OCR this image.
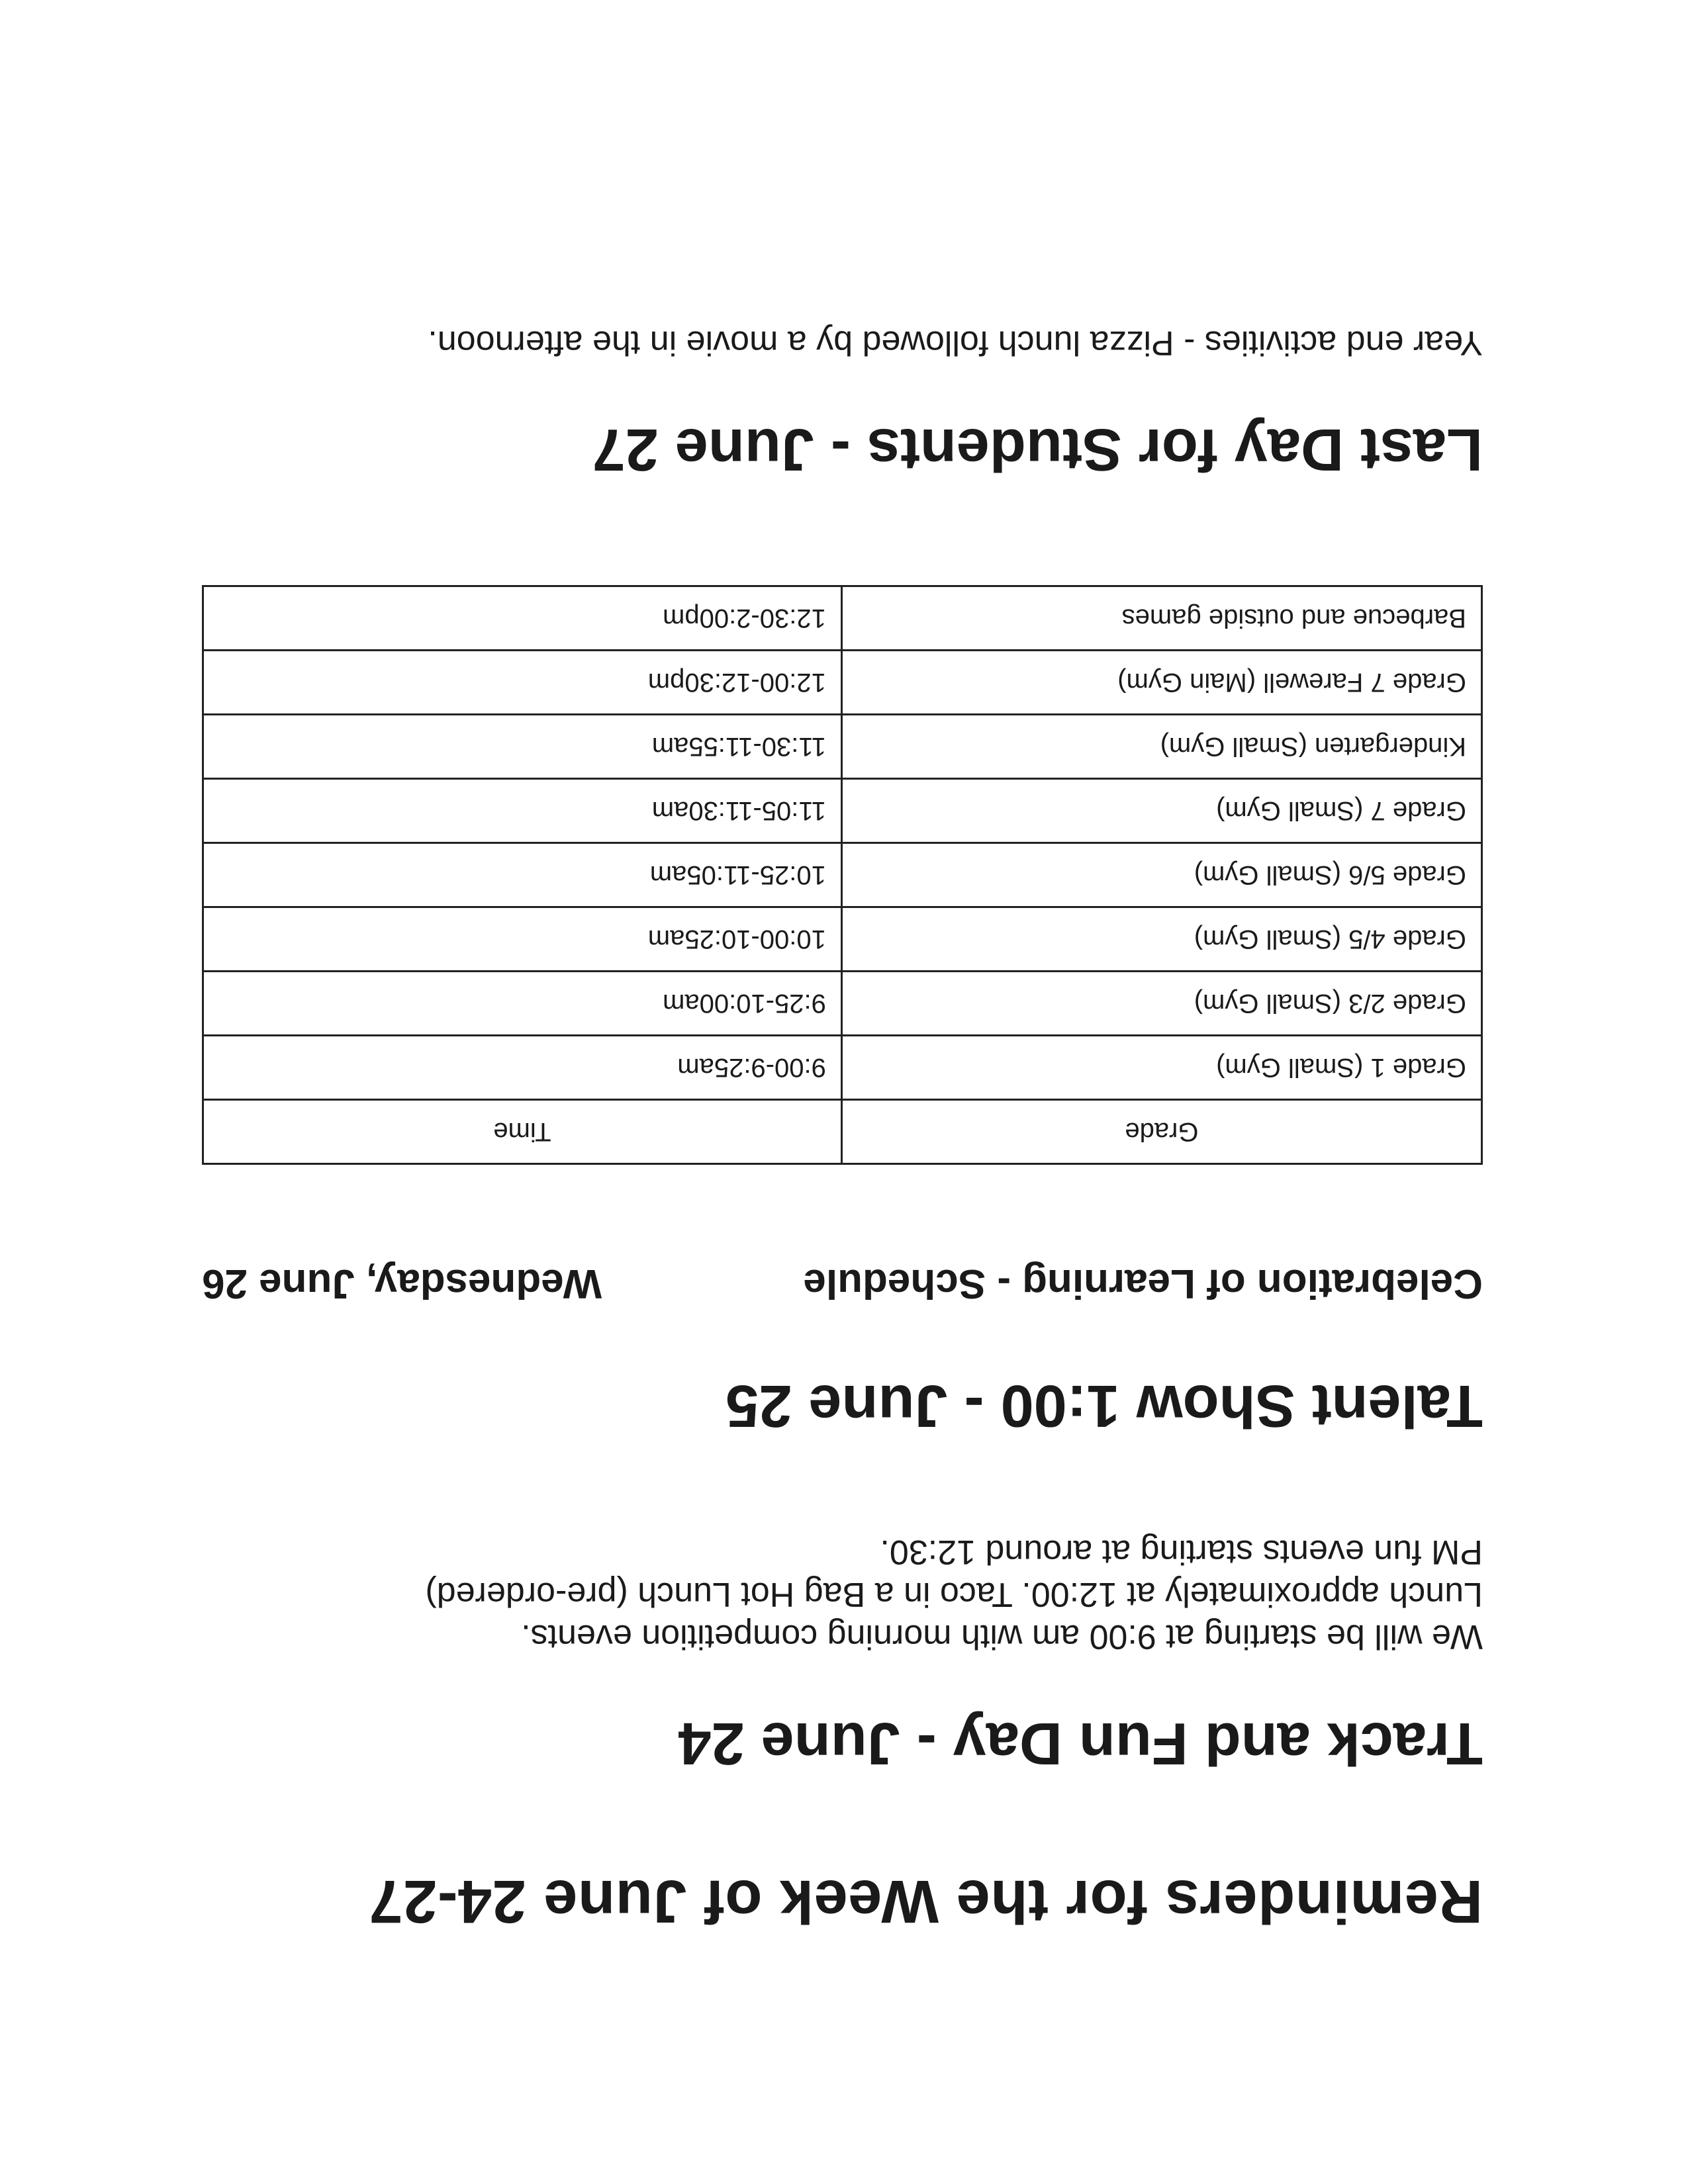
Reminders for the Week of June 24-27
Track and Fun Day - June 24

We will be starting at 9:00 am with morning competition events.
Lunch approximately at 12:00. Taco in a Bag Hot Lunch (pre-ordered)
PM fun events starting at around 12:30.

Talent Show 1:00 - June 25
Celebration of Learning - Schedule
Wednesday, June 26
Grade	Time
Grade 1 (Small Gym)	9:00-9:25am
Grade 2/3 (Small Gym)	9:25-10:00am
Grade 4/5 (Small Gym)	10:00-10:25am
Grade 5/6 (Small Gym)	10:25-11:05am
Grade 7 (Small Gym)	11:05-11:30am
Kindergarten (Small Gym)	11:30-11:55am
Grade 7 Farewell (Main Gym)	12:00-12:30pm
Barbecue and outside games	12:30-2:00pm
Last Day for Students - June 27

Year end activities - Pizza lunch followed by a movie in the afternoon.
